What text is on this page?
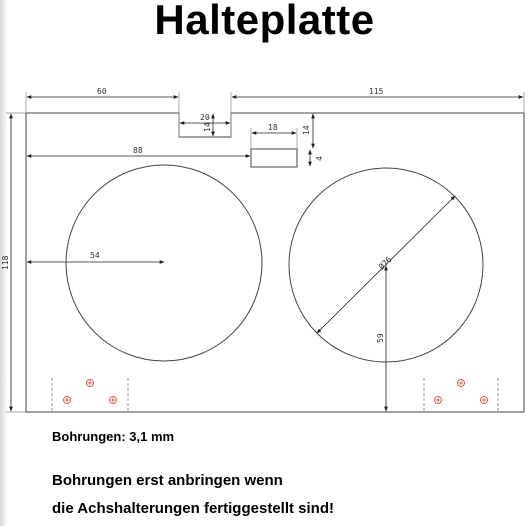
Halteplatte
60	115
20
14	18	14
4
88
118
54	Ø76
59
Bohrungen: 3,1 mm
Bohrungen erst anbringen wenn
die Achshalterungen fertiggestellt sind!
